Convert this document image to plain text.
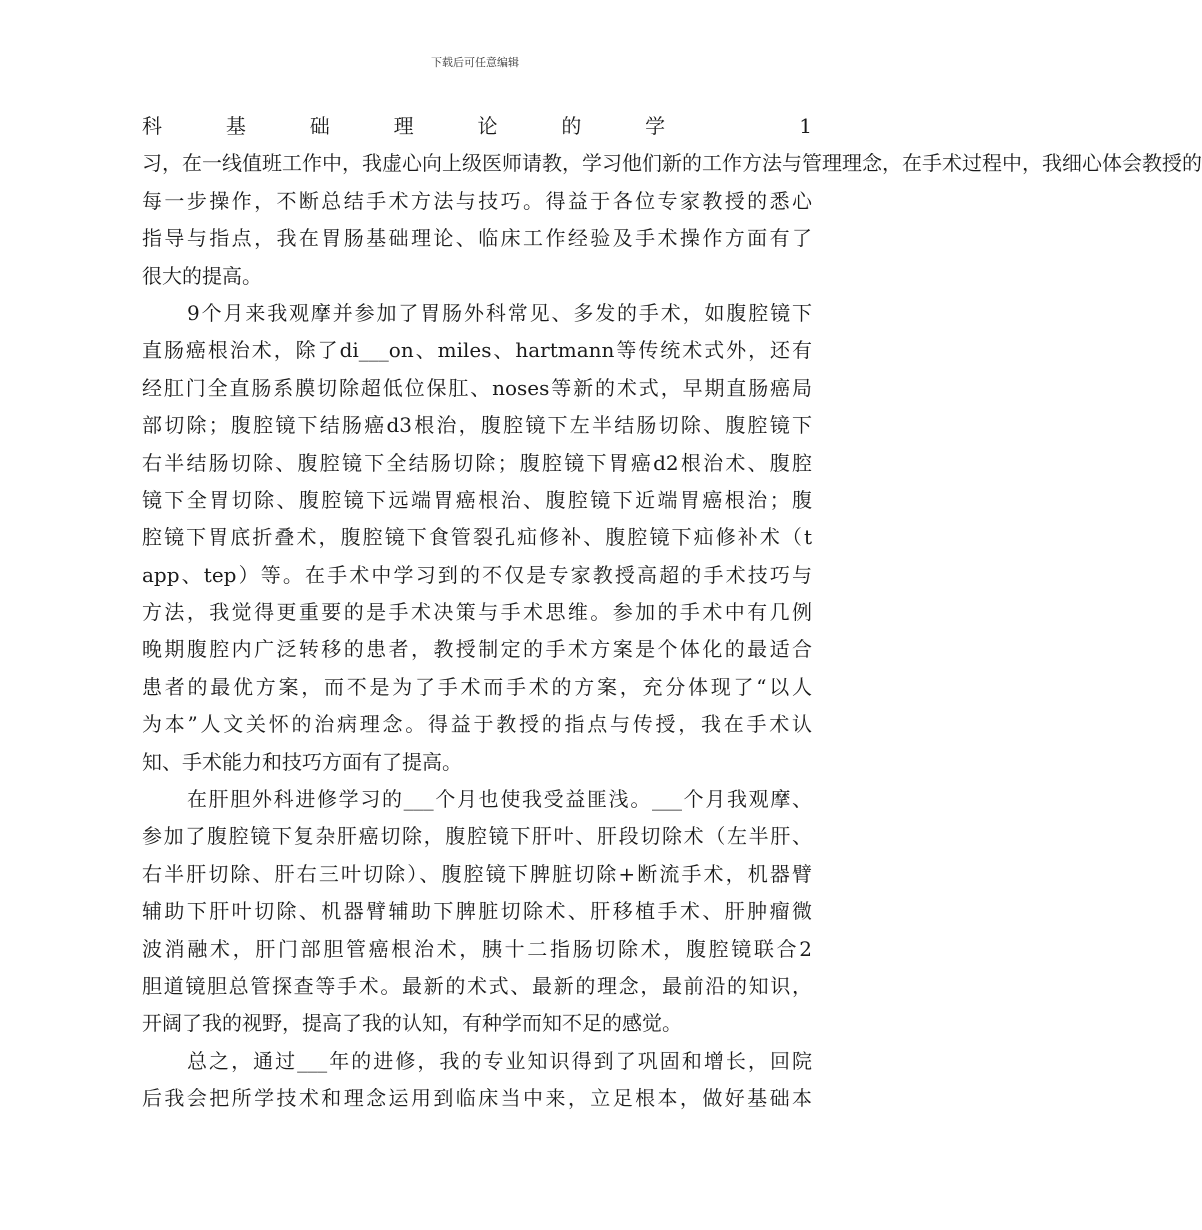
下载后可任意编辑
科基础理论的学 1
习，在一线值班工作中，我虚心向上级医师请教，学习他们新的工作方法与管理理念，在手术过程中，我细心体会教授的
每一步操作，不断总结手术方法与技巧。得益于各位专家教授的悉心
指导与指点，我在胃肠基础理论、临床工作经验及手术操作方面有了
很大的提高。
9个月来我观摩并参加了胃肠外科常见、多发的手术，如腹腔镜下
直肠癌根治术，除了di___on、miles、hartmann等传统术式外，还有
经肛门全直肠系膜切除超低位保肛、noses等新的术式，早期直肠癌局
部切除；腹腔镜下结肠癌d3根治，腹腔镜下左半结肠切除、腹腔镜下
右半结肠切除、腹腔镜下全结肠切除；腹腔镜下胃癌d2根治术、腹腔
镜下全胃切除、腹腔镜下远端胃癌根治、腹腔镜下近端胃癌根治；腹
腔镜下胃底折叠术，腹腔镜下食管裂孔疝修补、腹腔镜下疝修补术（t
app、tep）等。在手术中学习到的不仅是专家教授高超的手术技巧与
方法，我觉得更重要的是手术决策与手术思维。参加的手术中有几例
晚期腹腔内广泛转移的患者，教授制定的手术方案是个体化的最适合
患者的最优方案，而不是为了手术而手术的方案，充分体现了“以人
为本”人文关怀的治病理念。得益于教授的指点与传授，我在手术认
知、手术能力和技巧方面有了提高。
在肝胆外科进修学习的___个月也使我受益匪浅。___个月我观摩、
参加了腹腔镜下复杂肝癌切除，腹腔镜下肝叶、肝段切除术（左半肝、
右半肝切除、肝右三叶切除）、腹腔镜下脾脏切除+断流手术，机器臂
辅助下肝叶切除、机器臂辅助下脾脏切除术、肝移植手术、肝肿瘤微
波消融术，肝门部胆管癌根治术，胰十二指肠切除术，腹腔镜联合2
胆道镜胆总管探查等手术。最新的术式、最新的理念，最前沿的知识，
开阔了我的视野，提高了我的认知，有种学而知不足的感觉。
总之，通过___年的进修，我的专业知识得到了巩固和增长，回院
后我会把所学技术和理念运用到临床当中来，立足根本，做好基础本
